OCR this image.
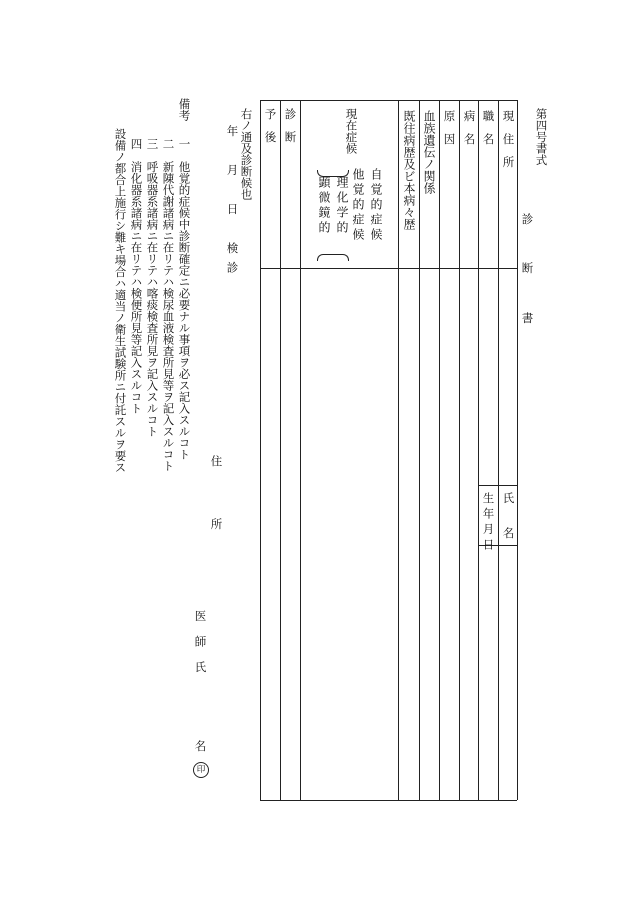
第四号書式
診
断
書
現　住　所
職　名
病　名
原　因
血族遺伝ノ関係
既往病歴及ビ本病々歴
現在症候
自覚的症候
他覚的症候
理化学的
顕微鏡的
診　断
予　後
氏　名
生年月日
右ノ通及診断候也
年　月　日　検診
住　所
医師氏
名
印
備考
一　他覚的症候中診断確定ニ必要ナル事項ヲ必ス記入スルコト
二　新陳代謝諸病ニ在リテハ検尿血液検査所見等ヲ記入スルコト
三　呼吸器系諸病ニ在リテハ喀痰検査所見ヲ記入スルコト
四　消化器系諸病ニ在リテハ検便所見等記入スルコト
設備ノ都合上施行シ難キ場合ハ適当ノ衛生試験所ニ付託スルヲ要ス
